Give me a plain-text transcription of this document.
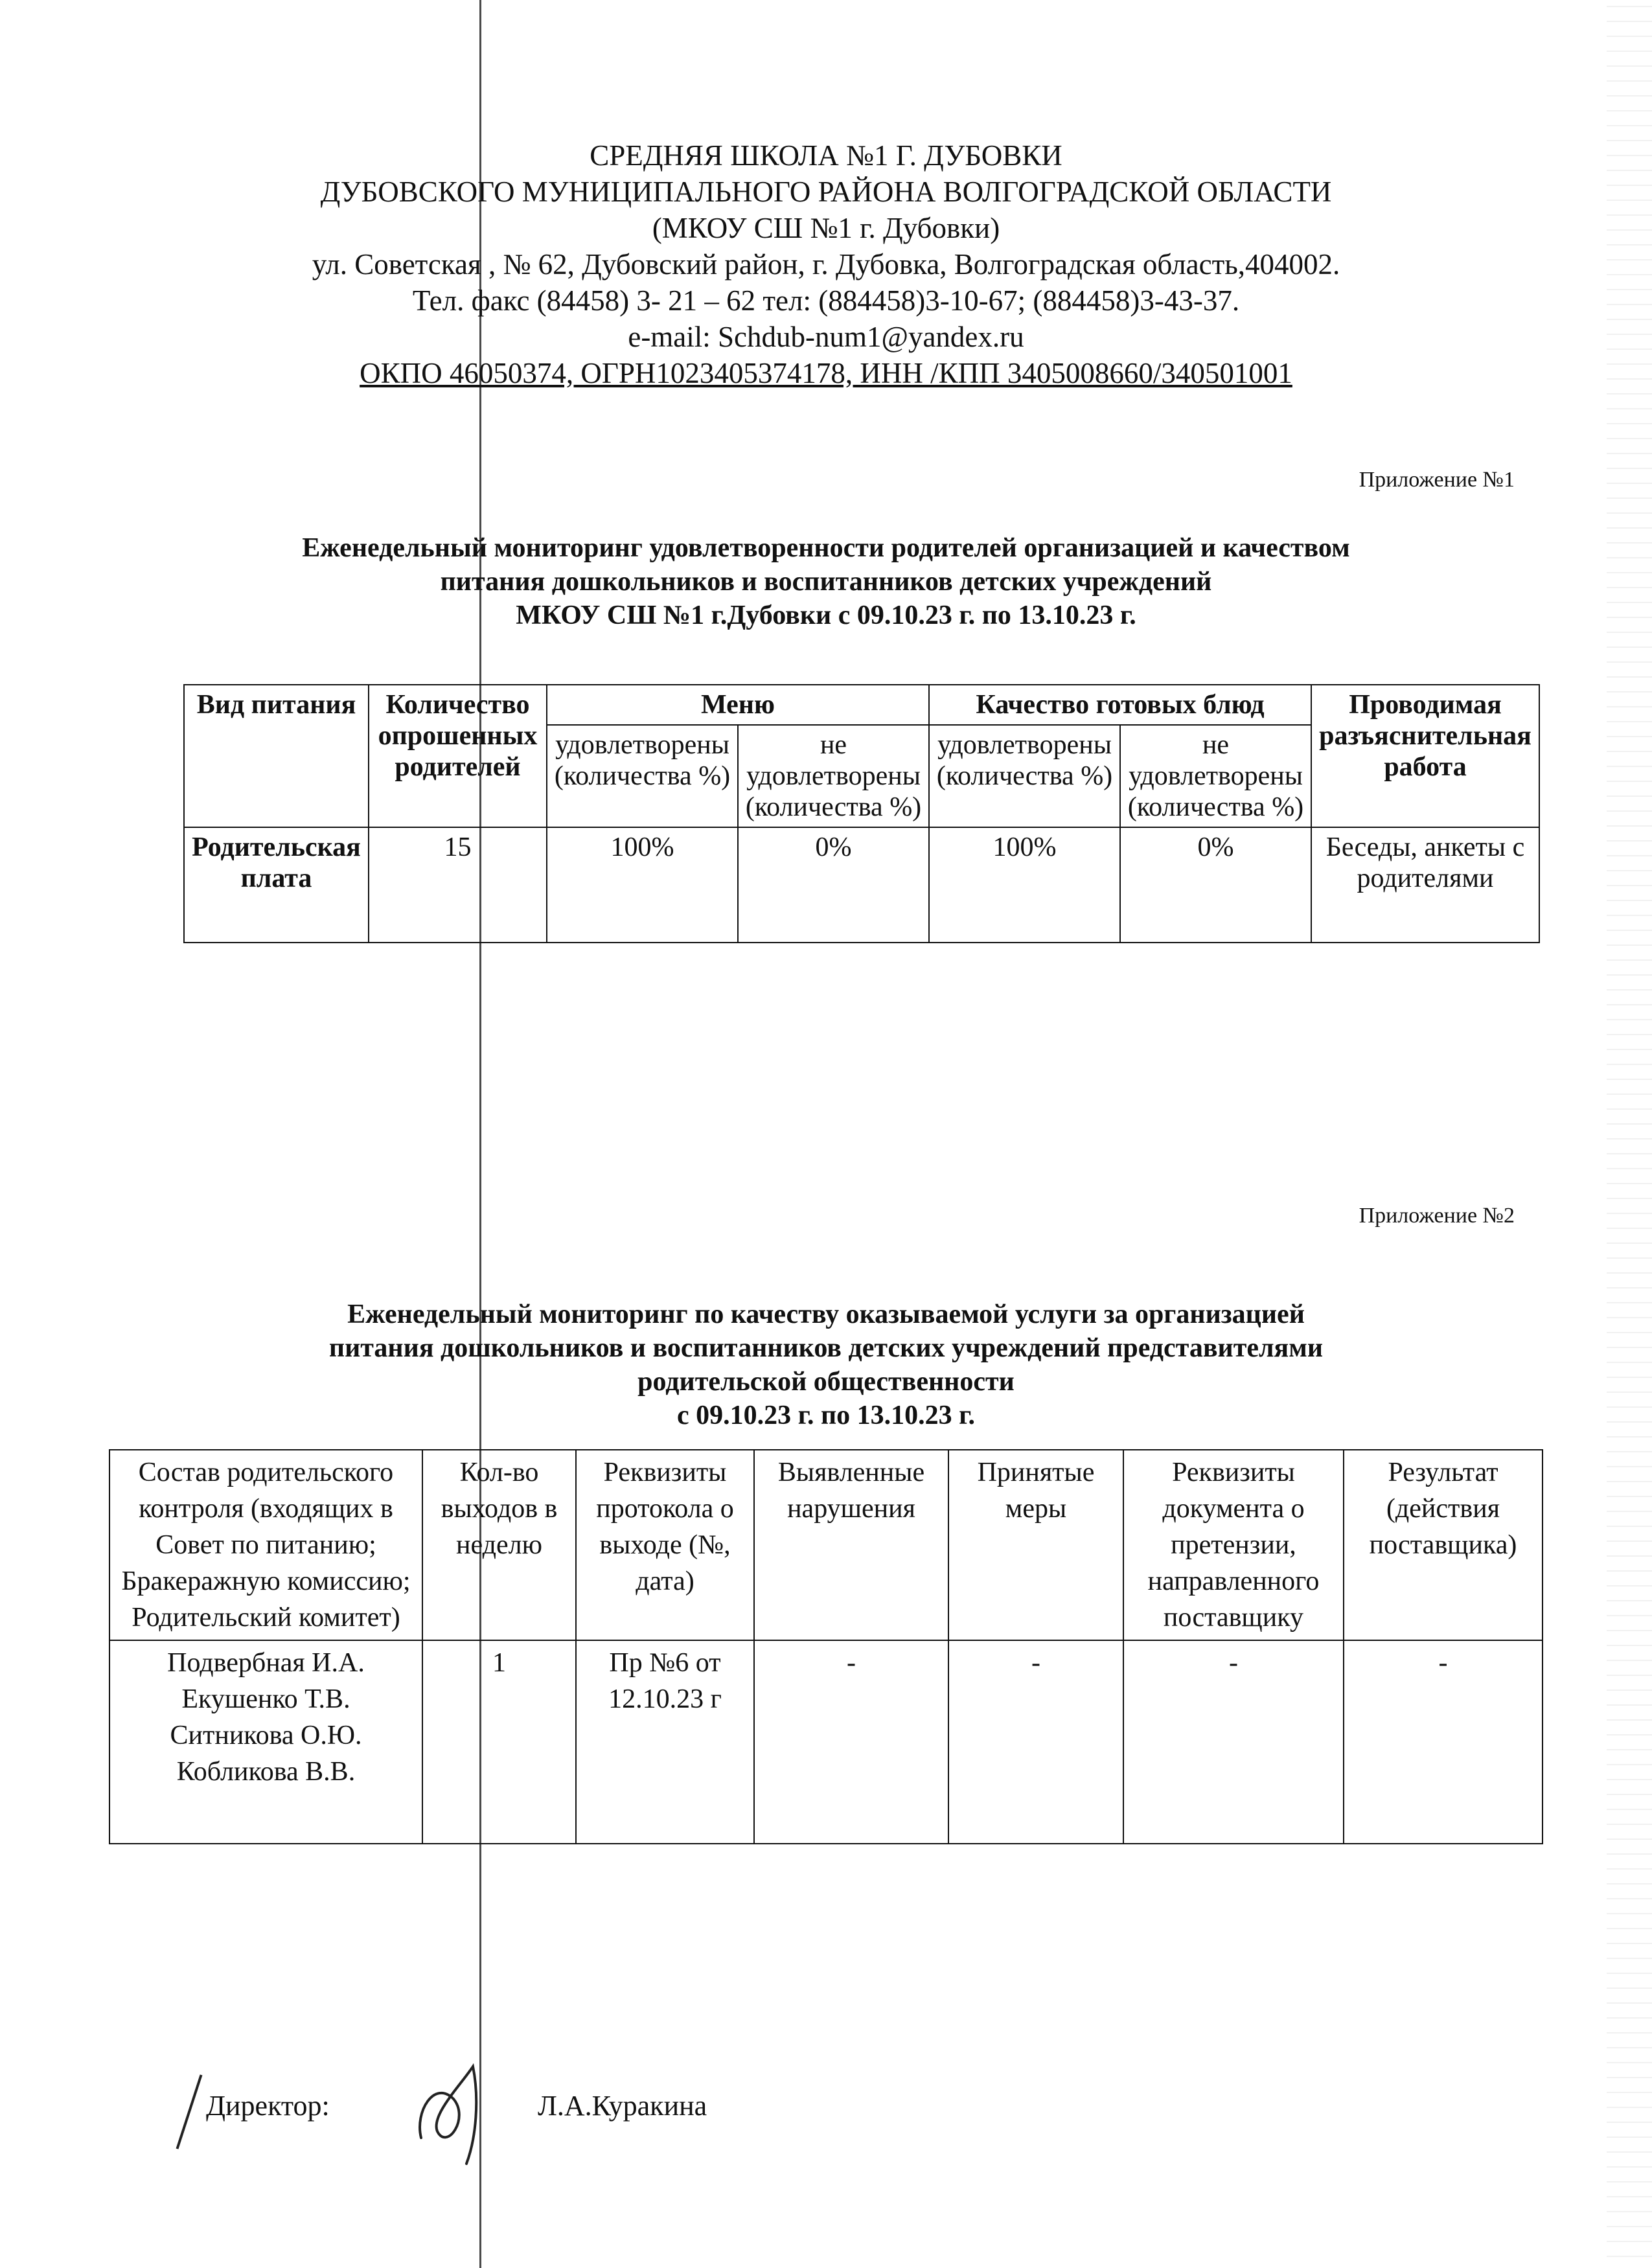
СРЕДНЯЯ ШКОЛА №1 Г. ДУБОВКИ
ДУБОВСКОГО МУНИЦИПАЛЬНОГО РАЙОНА ВОЛГОГРАДСКОЙ ОБЛАСТИ
(МКОУ СШ №1 г. Дубовки)
ул. Советская , № 62, Дубовский район, г. Дубовка, Волгоградская область,404002.
Тел. факс (84458) 3- 21 – 62 тел: (884458)3-10-67; (884458)3-43-37.
e-mail: Schdub-num1@yandex.ru
ОКПО 46050374, ОГРН1023405374178, ИНН /КПП 3405008660/340501001
Приложение №1
Еженедельный мониторинг удовлетворенности родителей организацией и качеством
питания дошкольников и воспитанников детских учреждений
МКОУ СШ №1 г.Дубовки с 09.10.23 г. по 13.10.23 г.
Вид питания	Количество опрошенных родителей	Меню		Качество готовых блюд		Проводимая разъяснительная работа
		удовлетворены (количества %)	не удовлетворены (количества %)	удовлетворены (количества %)	не удовлетворены (количества %)	
Родительская плата	15	100%	0%	100%	0%	Беседы, анкеты с родителями
Приложение №2
Еженедельный мониторинг по качеству оказываемой услуги за организацией
питания дошкольников и воспитанников детских учреждений представителями
родительской общественности
с 09.10.23 г. по 13.10.23 г.
Состав родительского контроля (входящих в Совет по питанию; Бракеражную комиссию; Родительский комитет)	Кол-во выходов в неделю	Реквизиты протокола о выходе (№, дата)	Выявленные нарушения	Принятые меры	Реквизиты документа о претензии, направленного поставщику	Результат (действия поставщика)

Подвербная И.А.
Екушенко Т.В.
Ситникова О.Ю.
Кобликова В.В.	1	Пр №6 от 12.10.23 г	-	-	-	-
Директор:	Л.А.Куракина
